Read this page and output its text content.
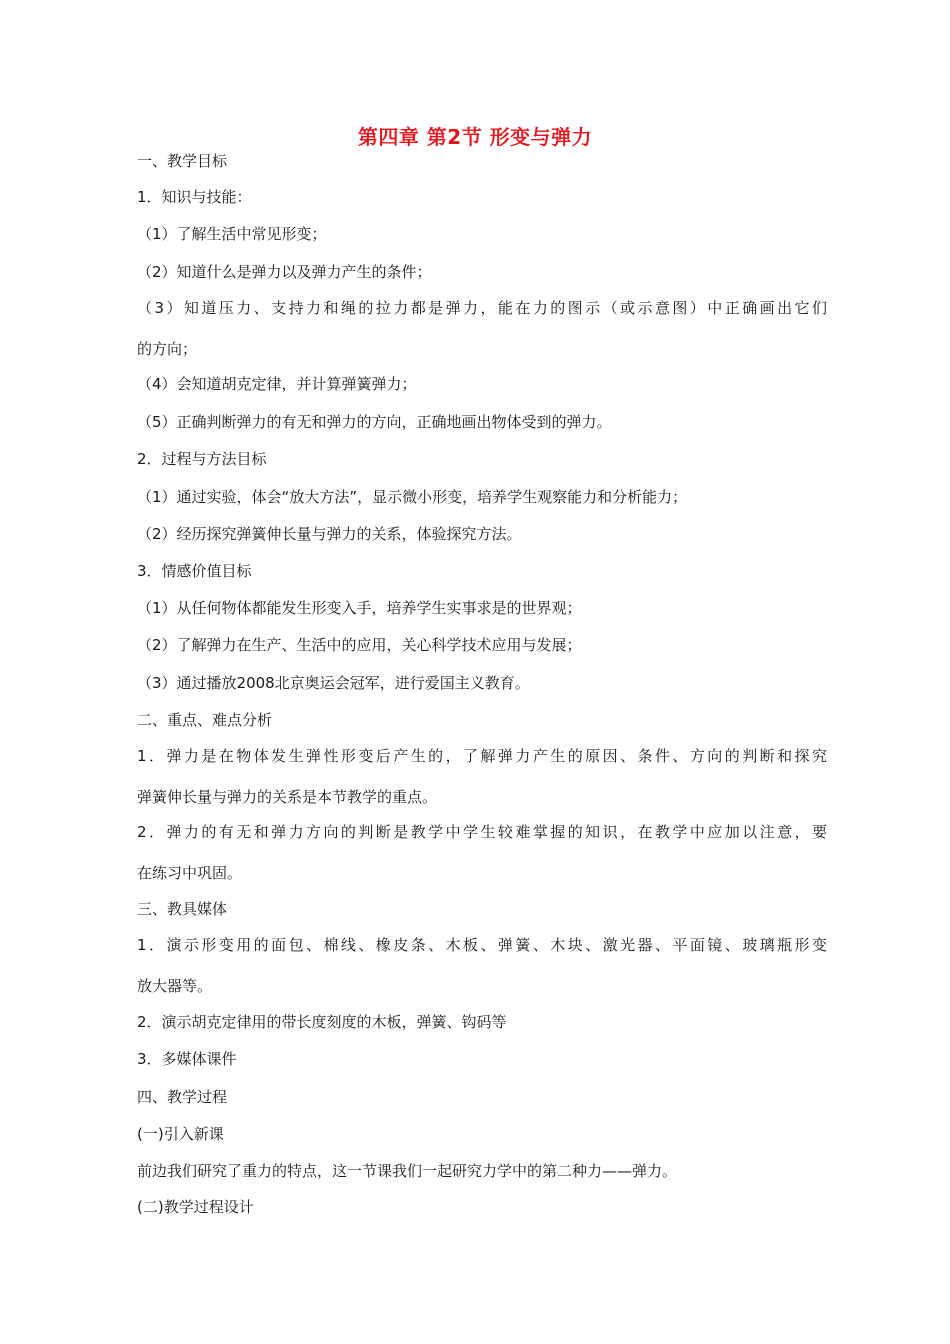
第四章 第2节 形变与弹力
一、教学目标
1．知识与技能：
（1）了解生活中常见形变；
（2）知道什么是弹力以及弹力产生的条件；
（3）知道压力、支持力和绳的拉力都是弹力，能在力的图示（或示意图）中正确画出它们
的方向；
（4）会知道胡克定律，并计算弹簧弹力；
（5）正确判断弹力的有无和弹力的方向，正确地画出物体受到的弹力。
2．过程与方法目标
（1）通过实验，体会“放大方法”，显示微小形变，培养学生观察能力和分析能力；
（2）经历探究弹簧伸长量与弹力的关系，体验探究方法。
3．情感价值目标
（1）从任何物体都能发生形变入手，培养学生实事求是的世界观；
（2）了解弹力在生产、生活中的应用，关心科学技术应用与发展；
（3）通过播放2008北京奥运会冠军，进行爱国主义教育。
二、重点、难点分析
1．弹力是在物体发生弹性形变后产生的，了解弹力产生的原因、条件、方向的判断和探究
弹簧伸长量与弹力的关系是本节教学的重点。
2．弹力的有无和弹力方向的判断是教学中学生较难掌握的知识，在教学中应加以注意，要
在练习中巩固。
三、教具媒体
1．演示形变用的面包、棉线、橡皮条、木板、弹簧、木块、激光器、平面镜、玻璃瓶形变
放大器等。
2．演示胡克定律用的带长度刻度的木板，弹簧、钩码等
3．多媒体课件
四、教学过程
(一)引入新课
前边我们研究了重力的特点，这一节课我们一起研究力学中的第二种力——弹力。
(二)教学过程设计
